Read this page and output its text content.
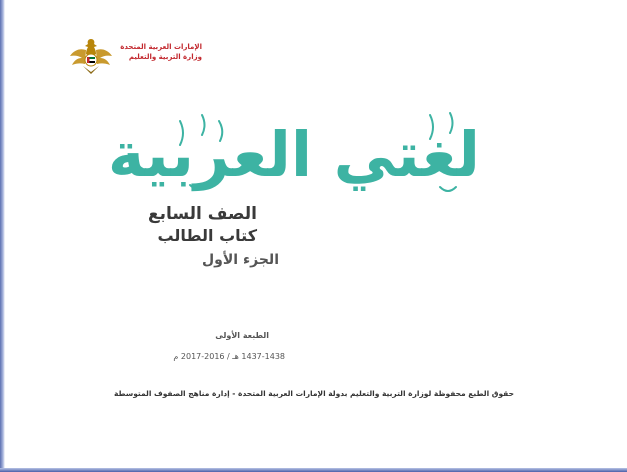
الإمارات العربية المتحدة
وزارة التربية والتعليم
لغتي العربية
الصف السابع
كتاب الطالب
الجزء الأول
الطبعة الأولى
1437-1438 هـ / 2016-2017 م
حقوق الطبع محفوظة لوزارة التربية والتعليم بدولة الإمارات العربية المتحدة - إدارة مناهج الصفوف المتوسطة
